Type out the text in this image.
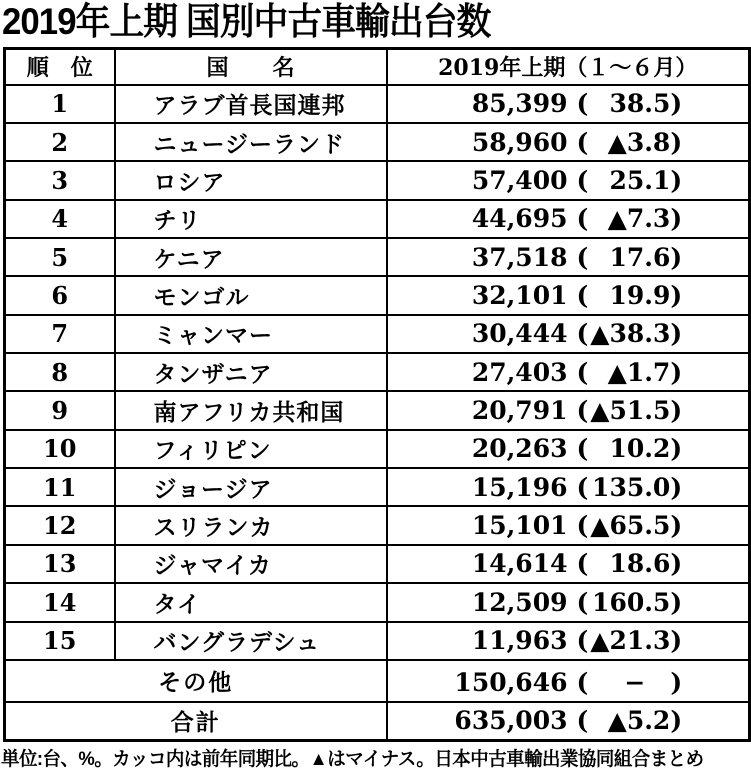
2019年上期 国別中古車輸出台数
順　位	国　　名	2019年上期（１～６月）
1	アラブ首長国連邦	85,399 ( 38.5 )

2	ニュージーランド	58,960 ( ▲3.8 )

3	ロシア	57,400 ( 25.1 )

4	チリ	44,695 ( ▲7.3 )

5	ケニア	37,518 ( 17.6 )

6	モンゴル	32,101 ( 19.9 )

7	ミャンマー	30,444 ( ▲38.3 )

8	タンザニア	27,403 ( ▲1.7 )

9	南アフリカ共和国	20,791 ( ▲51.5 )

10	フィリピン	20,263 ( 10.2 )

11	ジョージア	15,196 ( 135.0 )

12	スリランカ	15,101 ( ▲65.5 )

13	ジャマイカ	14,614 ( 18.6 )

14	タイ	12,509 ( 160.5 )

15	バングラデシュ	11,963 ( ▲21.3 )

その他		150,646 ( −　 )

合計		635,003 ( ▲5.2 )
単位:台、%。カッコ内は前年同期比。▲はマイナス。日本中古車輸出業協同組合まとめ
